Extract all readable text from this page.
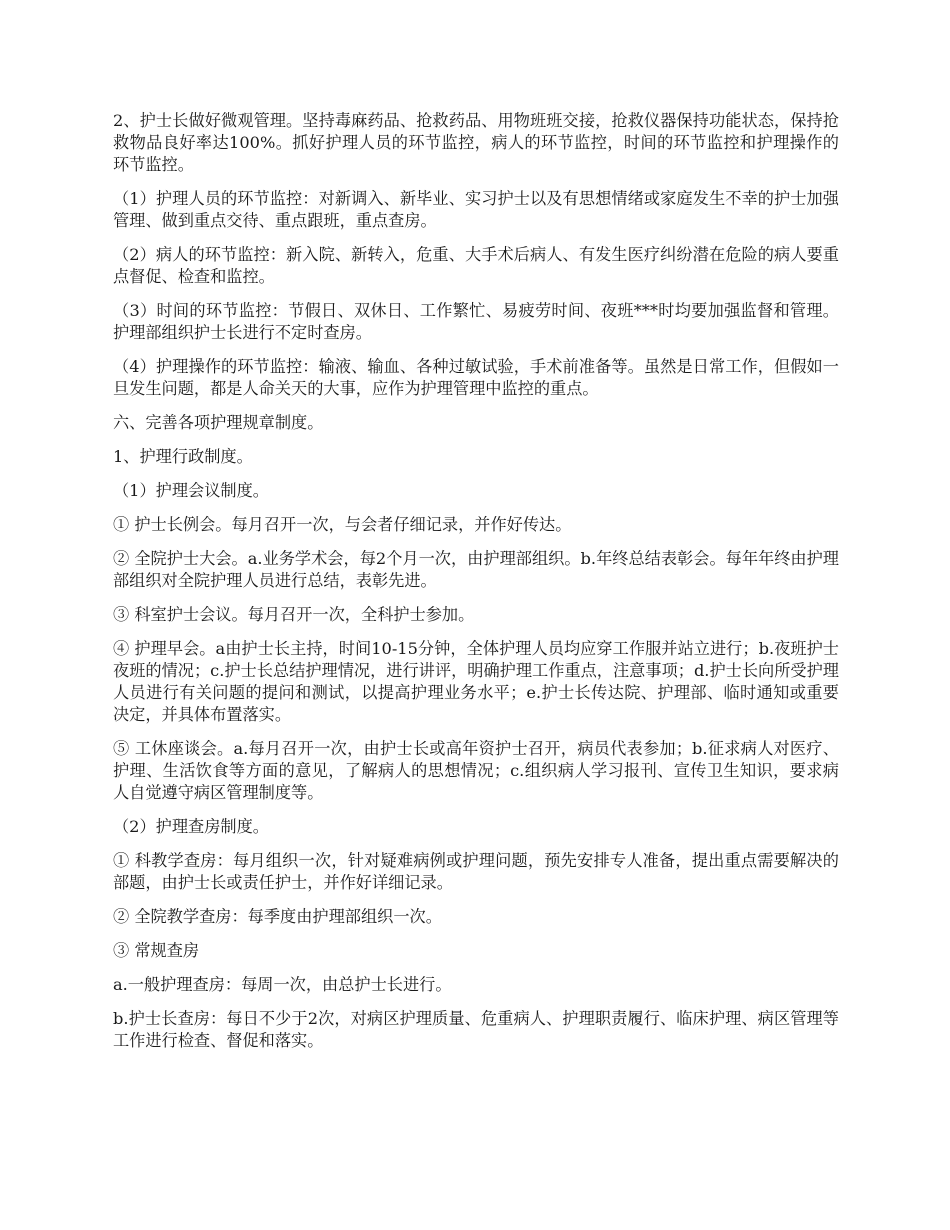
2、护士长做好微观管理。坚持毒麻药品、抢救药品、用物班班交接，抢救仪器保持功能状态，保持抢救物品良好率达100%。抓好护理人员的环节监控，病人的环节监控，时间的环节监控和护理操作的环节监控。

（1）护理人员的环节监控：对新调入、新毕业、实习护士以及有思想情绪或家庭发生不幸的护士加强管理、做到重点交待、重点跟班，重点查房。

（2）病人的环节监控：新入院、新转入，危重、大手术后病人、有发生医疗纠纷潜在危险的病人要重点督促、检查和监控。

（3）时间的环节监控：节假日、双休日、工作繁忙、易疲劳时间、夜班***时均要加强监督和管理。护理部组织护士长进行不定时查房。

（4）护理操作的环节监控：输液、输血、各种过敏试验，手术前准备等。虽然是日常工作，但假如一旦发生问题，都是人命关天的大事，应作为护理管理中监控的重点。

六、完善各项护理规章制度。

1、护理行政制度。

（1）护理会议制度。

① 护士长例会。每月召开一次，与会者仔细记录，并作好传达。

② 全院护士大会。a.业务学术会，每2个月一次，由护理部组织。b.年终总结表彰会。每年年终由护理部组织对全院护理人员进行总结，表彰先进。

③ 科室护士会议。每月召开一次，全科护士参加。

④ 护理早会。a由护士长主持，时间10-15分钟，全体护理人员均应穿工作服并站立进行；b.夜班护士夜班的情况；c.护士长总结护理情况，进行讲评，明确护理工作重点，注意事项；d.护士长向所受护理人员进行有关问题的提问和测试，以提高护理业务水平；e.护士长传达院、护理部、临时通知或重要决定，并具体布置落实。

⑤ 工休座谈会。a.每月召开一次，由护士长或高年资护士召开，病员代表参加；b.征求病人对医疗、护理、生活饮食等方面的意见，了解病人的思想情况；c.组织病人学习报刊、宣传卫生知识，要求病人自觉遵守病区管理制度等。

（2）护理查房制度。

① 科教学查房：每月组织一次，针对疑难病例或护理问题，预先安排专人准备，提出重点需要解决的部题，由护士长或责任护士，并作好详细记录。

② 全院教学查房：每季度由护理部组织一次。

③ 常规查房

a.一般护理查房：每周一次，由总护士长进行。

b.护士长查房：每日不少于2次，对病区护理质量、危重病人、护理职责履行、临床护理、病区管理等工作进行检查、督促和落实。
